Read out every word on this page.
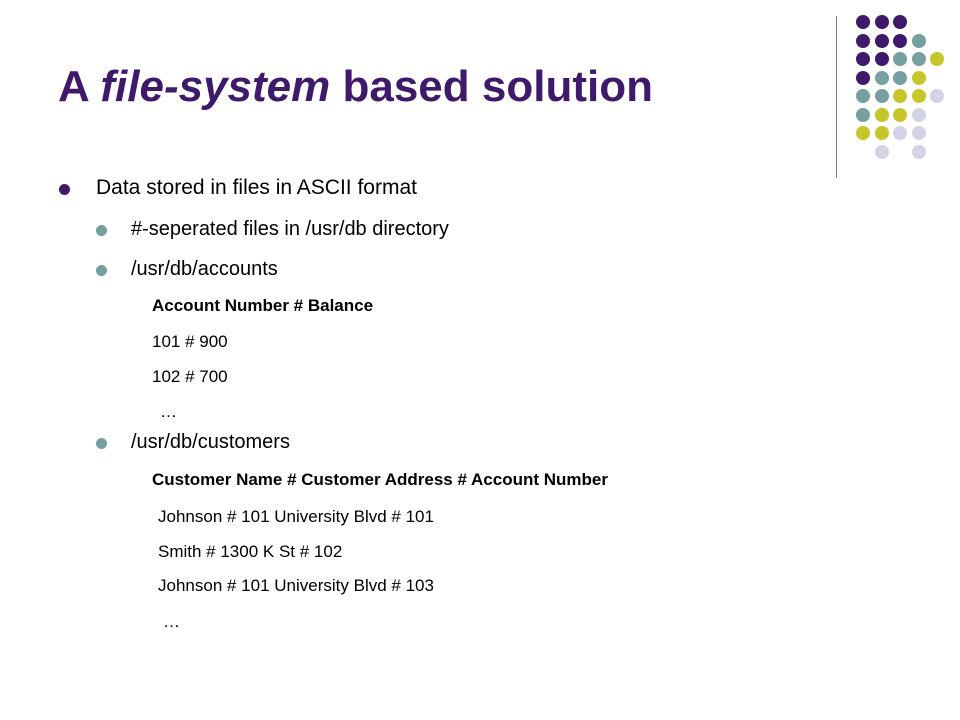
A file-system based solution
Data stored in files in ASCII format
#-seperated files in /usr/db directory
/usr/db/accounts
Account Number # Balance
101 # 900
102 # 700
…
/usr/db/customers
Customer Name # Customer Address # Account Number
Johnson # 101 University Blvd # 101
Smith # 1300 K St # 102
Johnson # 101 University Blvd # 103
…
